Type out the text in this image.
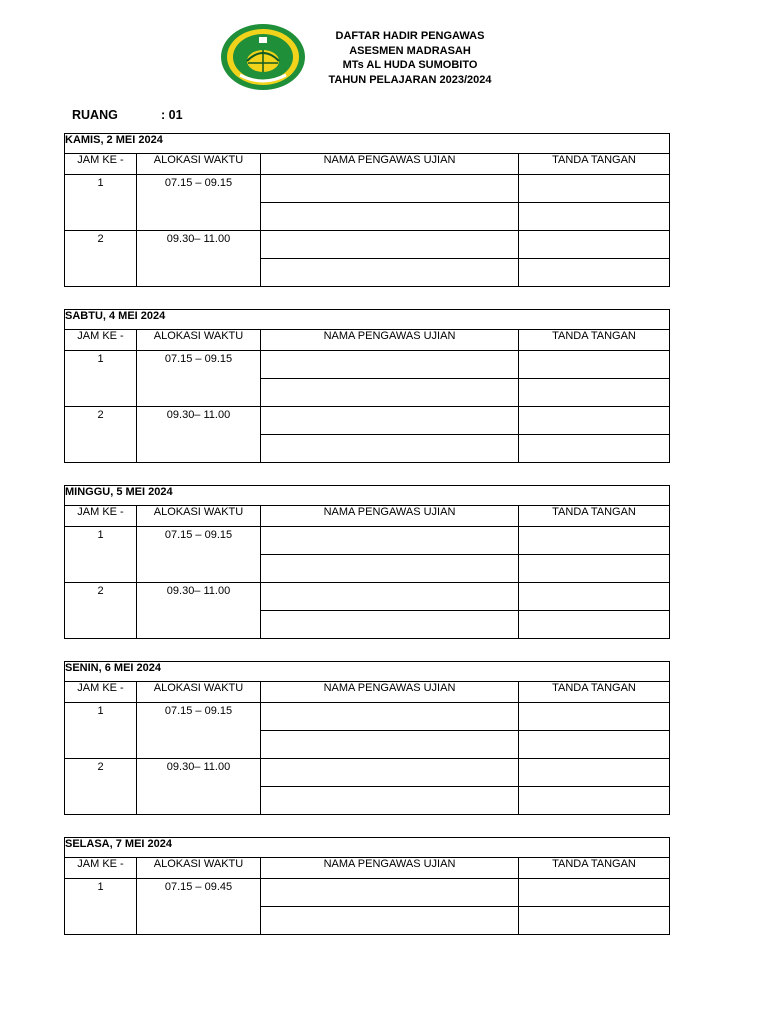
DAFTAR HADIR PENGAWAS
ASESMEN MADRASAH
MTs AL HUDA SUMOBITO
TAHUN PELAJARAN 2023/2024
RUANG	: 01
KAMIS, 2 MEI 2024			
JAM KE -	ALOKASI WAKTU	NAMA PENGAWAS UJIAN	TANDA TANGAN
1	07.15 – 09.15		

2	09.30– 11.00		

SABTU, 4 MEI 2024			
JAM KE -	ALOKASI WAKTU	NAMA PENGAWAS UJIAN	TANDA TANGAN
1	07.15 – 09.15		

2	09.30– 11.00		

MINGGU, 5 MEI 2024			
JAM KE -	ALOKASI WAKTU	NAMA PENGAWAS UJIAN	TANDA TANGAN
1	07.15 – 09.15		

2	09.30– 11.00		

SENIN, 6 MEI 2024			
JAM KE -	ALOKASI WAKTU	NAMA PENGAWAS UJIAN	TANDA TANGAN
1	07.15 – 09.15		

2	09.30– 11.00		

SELASA, 7 MEI 2024			
JAM KE -	ALOKASI WAKTU	NAMA PENGAWAS UJIAN	TANDA TANGAN
1	07.15 – 09.45		
